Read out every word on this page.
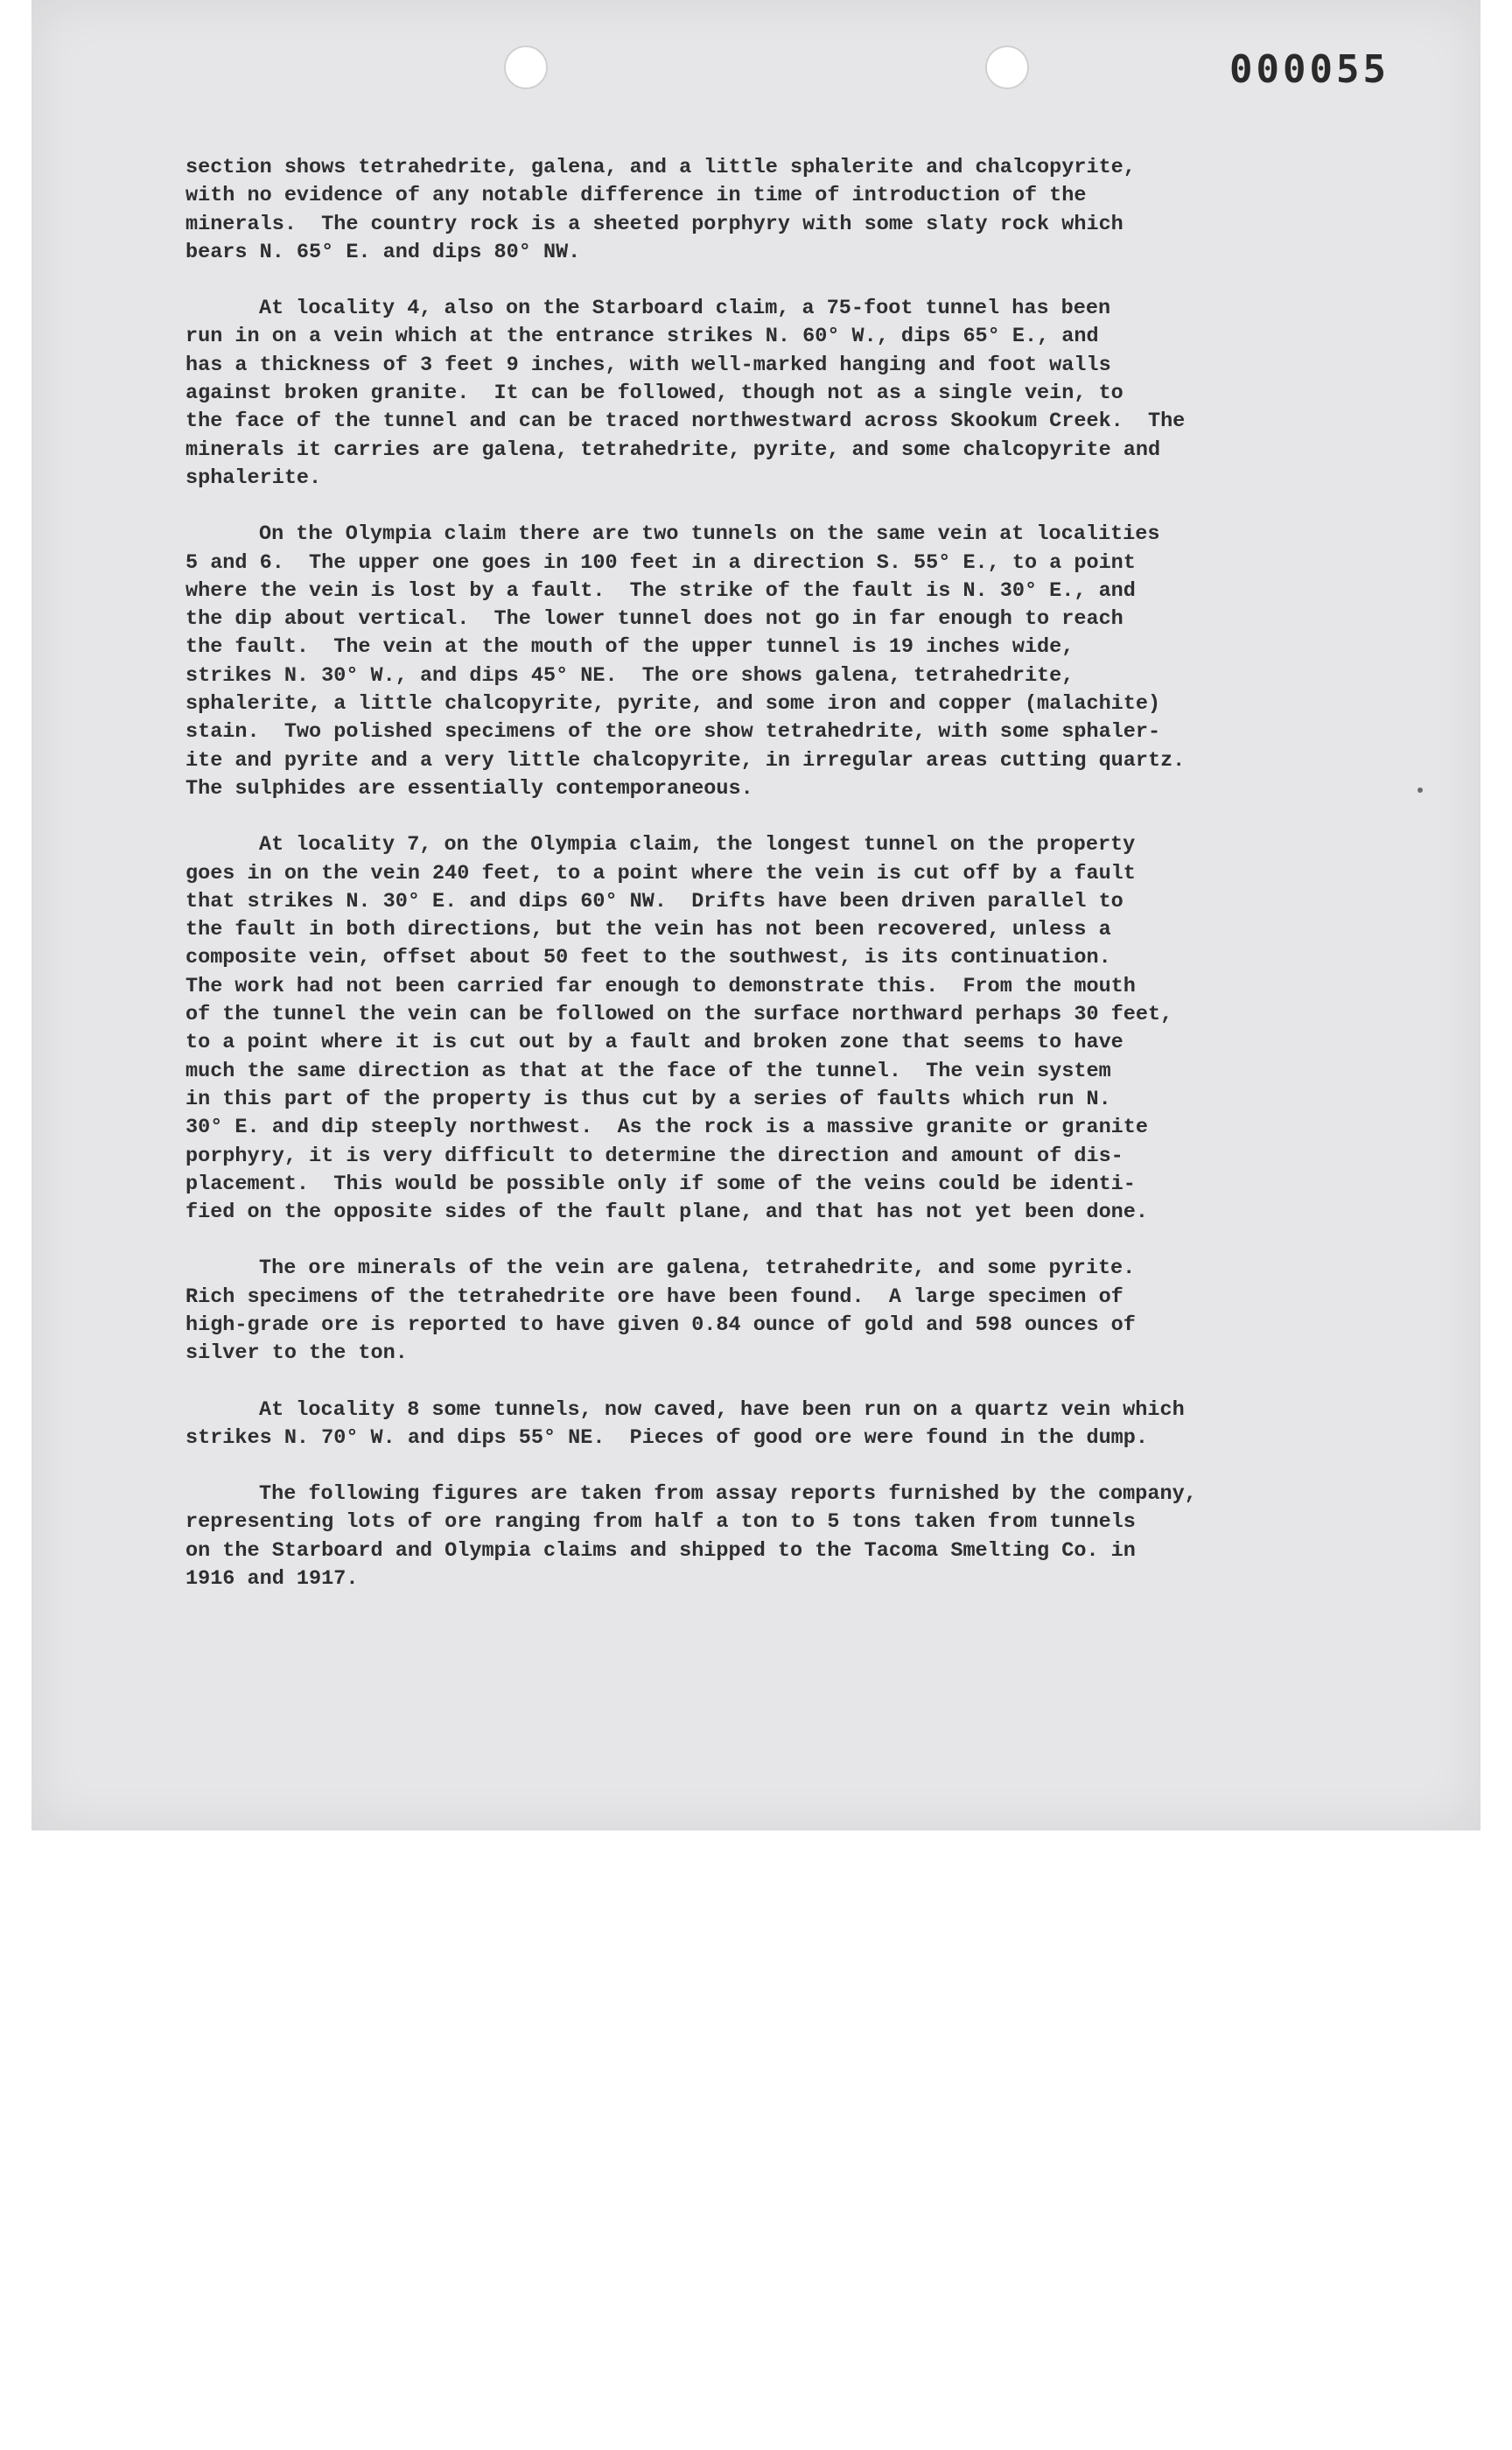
000055
section shows tetrahedrite, galena, and a little sphalerite and chalcopyrite,
with no evidence of any notable difference in time of introduction of the
minerals.  The country rock is a sheeted porphyry with some slaty rock which
bears N. 65° E. and dips 80° NW.
At locality 4, also on the Starboard claim, a 75-foot tunnel has been
run in on a vein which at the entrance strikes N. 60° W., dips 65° E., and
has a thickness of 3 feet 9 inches, with well-marked hanging and foot walls
against broken granite.  It can be followed, though not as a single vein, to
the face of the tunnel and can be traced northwestward across Skookum Creek.  The
minerals it carries are galena, tetrahedrite, pyrite, and some chalcopyrite and
sphalerite.
On the Olympia claim there are two tunnels on the same vein at localities
5 and 6.  The upper one goes in 100 feet in a direction S. 55° E., to a point
where the vein is lost by a fault.  The strike of the fault is N. 30° E., and
the dip about vertical.  The lower tunnel does not go in far enough to reach
the fault.  The vein at the mouth of the upper tunnel is 19 inches wide,
strikes N. 30° W., and dips 45° NE.  The ore shows galena, tetrahedrite,
sphalerite, a little chalcopyrite, pyrite, and some iron and copper (malachite)
stain.  Two polished specimens of the ore show tetrahedrite, with some sphaler-
ite and pyrite and a very little chalcopyrite, in irregular areas cutting quartz.
The sulphides are essentially contemporaneous.
At locality 7, on the Olympia claim, the longest tunnel on the property
goes in on the vein 240 feet, to a point where the vein is cut off by a fault
that strikes N. 30° E. and dips 60° NW.  Drifts have been driven parallel to
the fault in both directions, but the vein has not been recovered, unless a
composite vein, offset about 50 feet to the southwest, is its continuation.
The work had not been carried far enough to demonstrate this.  From the mouth
of the tunnel the vein can be followed on the surface northward perhaps 30 feet,
to a point where it is cut out by a fault and broken zone that seems to have
much the same direction as that at the face of the tunnel.  The vein system
in this part of the property is thus cut by a series of faults which run N.
30° E. and dip steeply northwest.  As the rock is a massive granite or granite
porphyry, it is very difficult to determine the direction and amount of dis-
placement.  This would be possible only if some of the veins could be identi-
fied on the opposite sides of the fault plane, and that has not yet been done.
The ore minerals of the vein are galena, tetrahedrite, and some pyrite.
Rich specimens of the tetrahedrite ore have been found.  A large specimen of
high-grade ore is reported to have given 0.84 ounce of gold and 598 ounces of
silver to the ton.
At locality 8 some tunnels, now caved, have been run on a quartz vein which
strikes N. 70° W. and dips 55° NE.  Pieces of good ore were found in the dump.
The following figures are taken from assay reports furnished by the company,
representing lots of ore ranging from half a ton to 5 tons taken from tunnels
on the Starboard and Olympia claims and shipped to the Tacoma Smelting Co. in
1916 and 1917.
